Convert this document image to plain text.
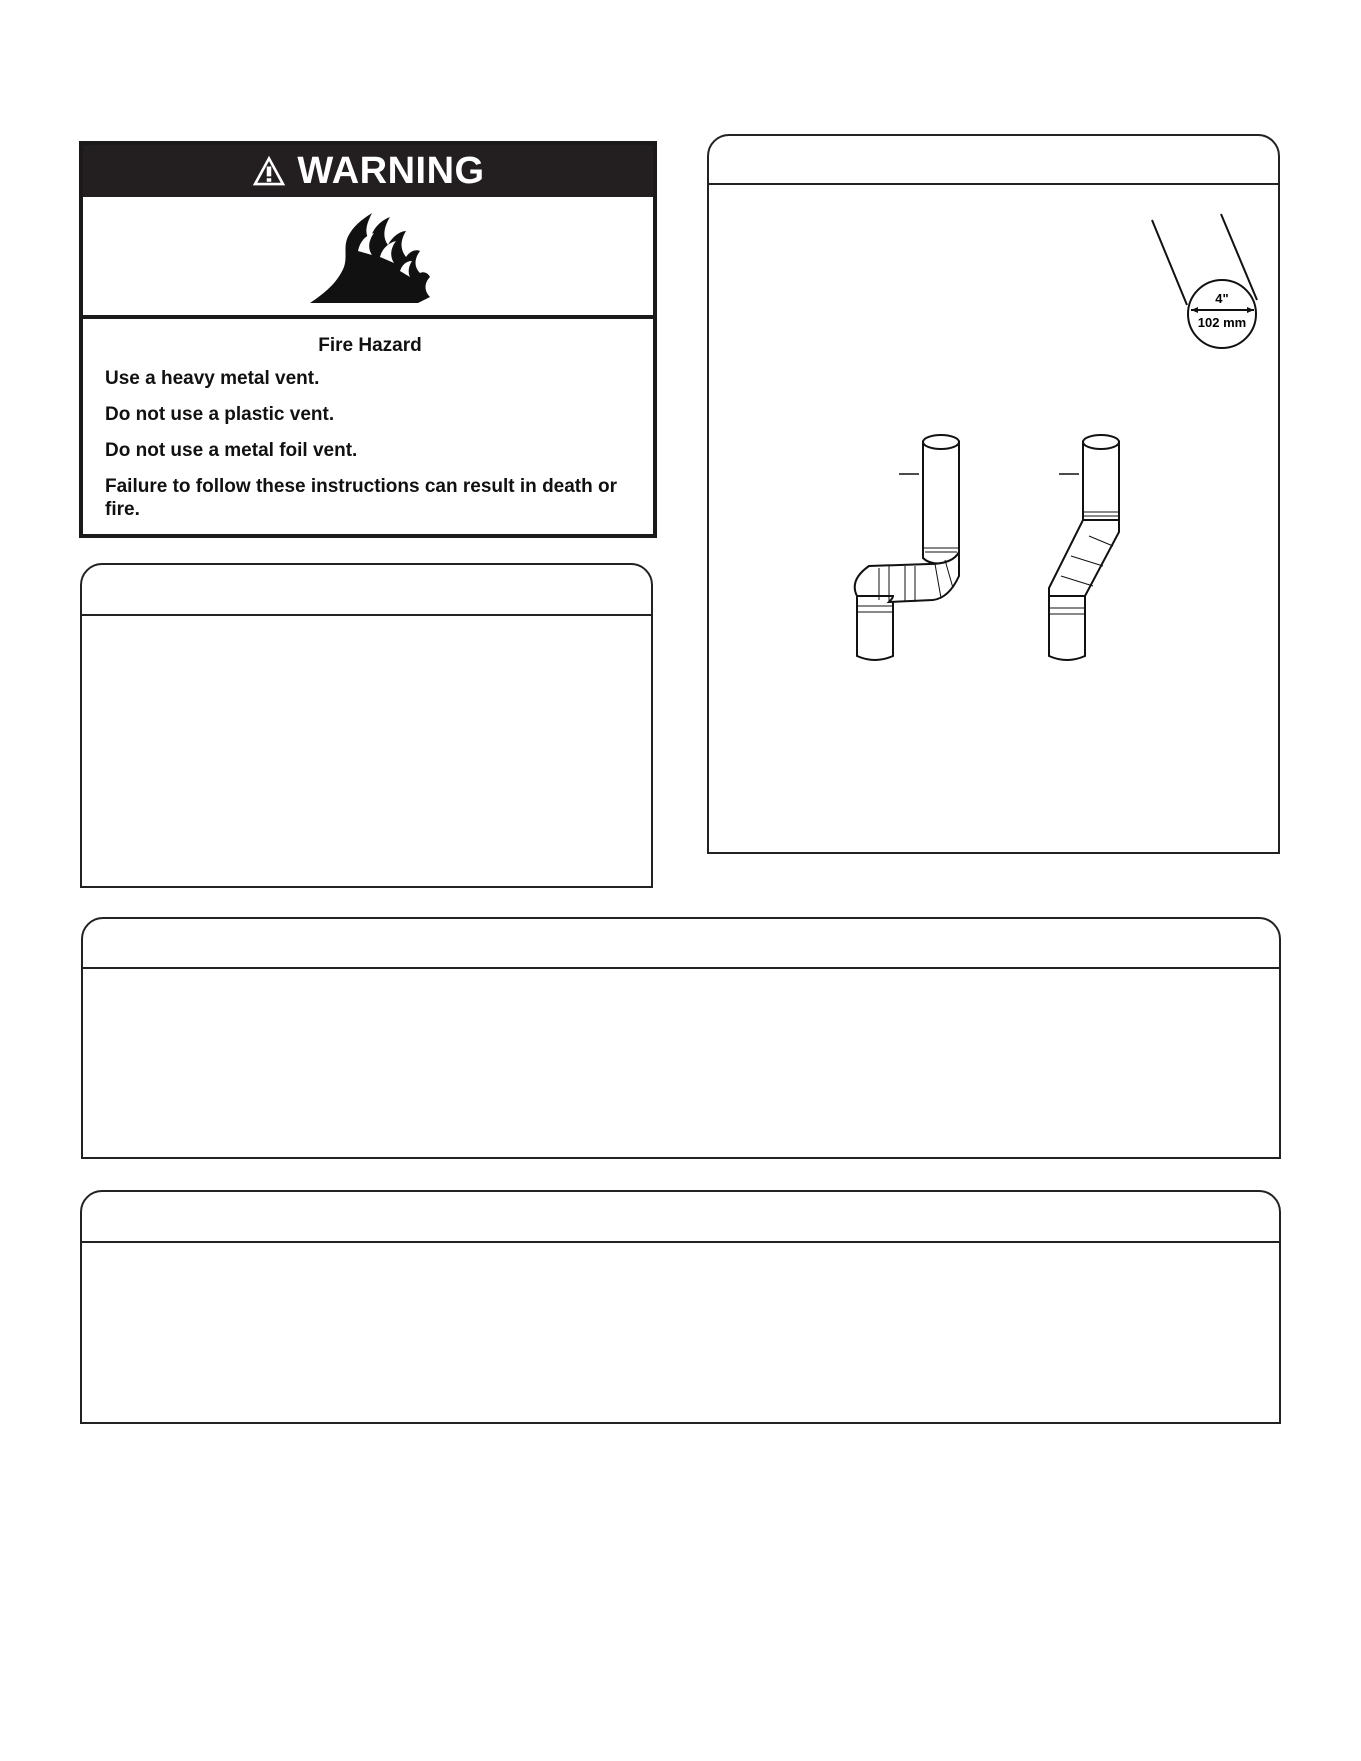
WARNING
Fire Hazard
Use a heavy metal vent.
Do not use a plastic vent.
Do not use a metal foil vent.
Failure to follow these instructions can result in death or fire.
4"
102 mm
